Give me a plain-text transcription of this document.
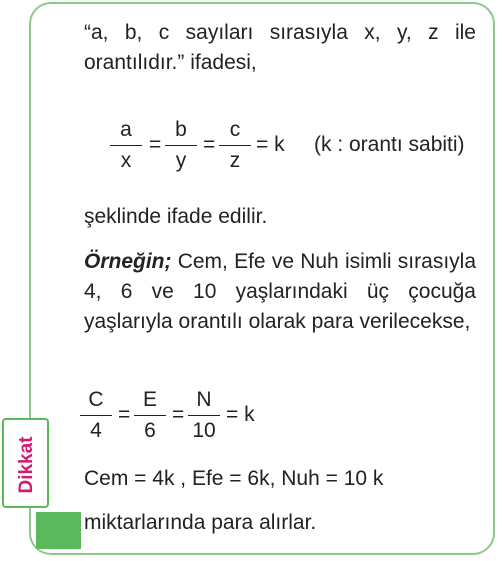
Dikkat
“a, b, c sayıları sırasıyla x, y, z ile orantılıdır.” ifadesi,
a
x
=
b
y
=
c
z
= k (k : orantı sabiti)
şeklinde ifade edilir.
Örneğin; Cem, Efe ve Nuh isimli sırasıyla 4, 6 ve 10 yaşlarındaki üç çocuğa yaşlarıyla orantılı olarak para verilecekse,
C
4
=
E
6
=
N
10
= k
Cem = 4k , Efe = 6k, Nuh = 10 k
miktarlarında para alırlar.
